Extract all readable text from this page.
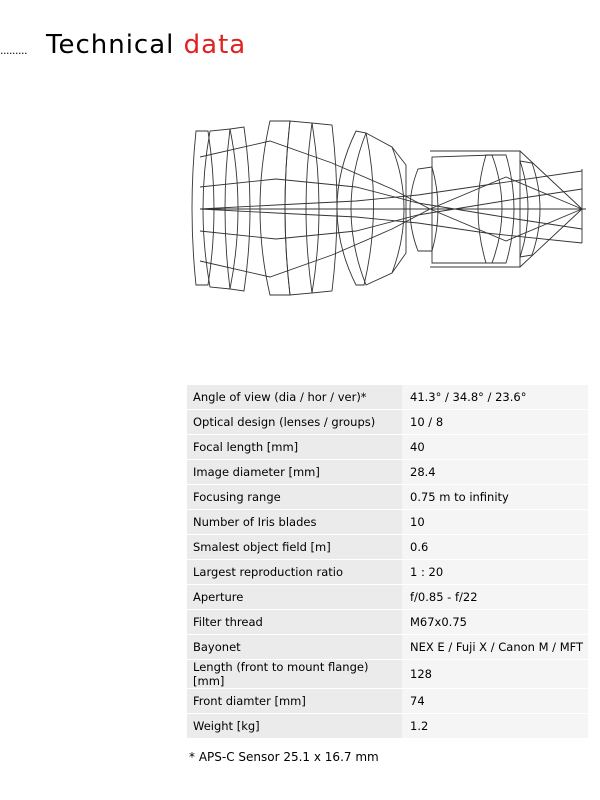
......... Technical data
Angle of view (dia / hor / ver)*	41.3° / 34.8° / 23.6°
Optical design (lenses / groups)	10 / 8
Focal length [mm]	40
Image diameter [mm]	28.4
Focusing range	0.75 m to infinity
Number of Iris blades	10
Smalest object field [m]	0.6
Largest reproduction ratio	1 : 20
Aperture	f/0.85 - f/22
Filter thread	M67x0.75
Bayonet	NEX E / Fuji X / Canon M / MFT
Length (front to mount flange) [mm]	128
Front diamter [mm]	74
Weight [kg]	1.2
* APS-C Sensor 25.1 x 16.7 mm
